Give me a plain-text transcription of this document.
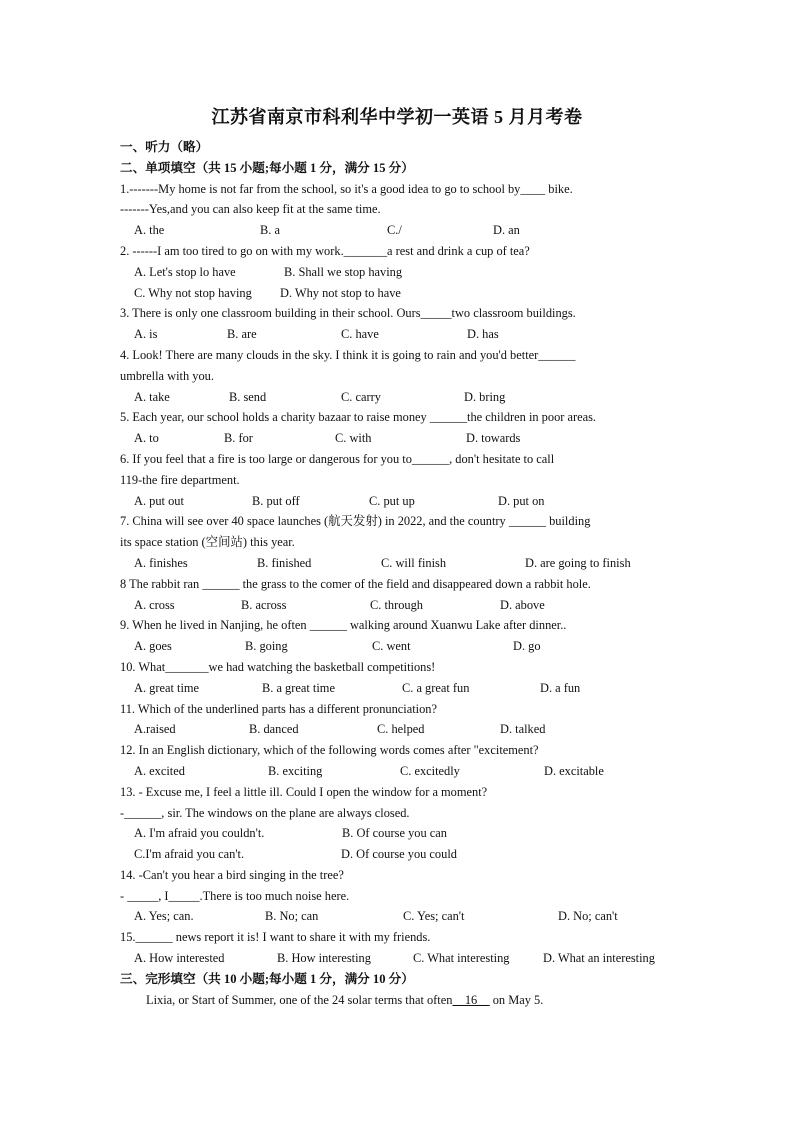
江苏省南京市科利华中学初一英语 5 月月考卷
一、听力（略）
二、单项填空（共 15 小题;每小题 1 分，满分 15 分）
1.-------My home is not far from the school, so it's a good idea to go to school by____ bike.
-------Yes,and you can also keep fit at the same time.
A. the	B. a	C./	D. an
2. ------I am too tired to go on with my work._______a rest and drink a cup of tea?
A. Let's stop lo have	B. Shall we stop having
C. Why not stop having D. Why not stop to have
3. There is only one classroom building in their school. Ours_____two classroom buildings.
A. is	B. are	C. have	D. has
4. Look! There are many clouds in the sky. I think it is going to rain and you'd better______
umbrella with you.
A. take	B. send	C. carry	D. bring
5. Each year, our school holds a charity bazaar to raise money ______the children in poor areas.
A. to	B. for	C. with	D. towards
6. If you feel that a fire is too large or dangerous for you to______, don't hesitate to call
119-the fire department.
A. put out	B. put off	C. put up	D. put on
7. China will see over 40 space launches (航天发射) in 2022, and the country ______ building
its space station (空间站) this year.
A. finishes	B. finished	C. will finish	D. are going to finish
8 The rabbit ran ______ the grass to the comer of the field and disappeared down a rabbit hole.
A. cross	B. across	C. through	D. above
9. When he lived in Nanjing, he often ______ walking around Xuanwu Lake after dinner..
A. goes	B. going	C. went	D. go
10. What_______we had watching the basketball competitions!
A. great time	B. a great time	C. a great fun	D. a fun
11. Which of the underlined parts has a different pronunciation?
A.raised	B. danced	C. helped	D. talked
12. In an English dictionary, which of the following words comes after "excitement?
A. excited	B. exciting	C. excitedly	D. excitable
13. - Excuse me, I feel a little ill. Could I open the window for a moment?
-______, sir. The windows on the plane are always closed.
A. I'm afraid you couldn't.	B. Of course you can
C.I'm afraid you can't.	D. Of course you could
14. -Can't you hear a bird singing in the tree?
- _____, I_____.There is too much noise here.
A. Yes; can.	B. No; can	C. Yes; can't	D. No; can't
15.______ news report it is! I want to share it with my friends.
A. How interested	B. How interesting	C. What interesting	D. What an interesting
三、完形填空（共 10 小题;每小题 1 分，满分 10 分）
Lixia, or Start of Summer, one of the 24 solar terms that often__16__ on May 5.
